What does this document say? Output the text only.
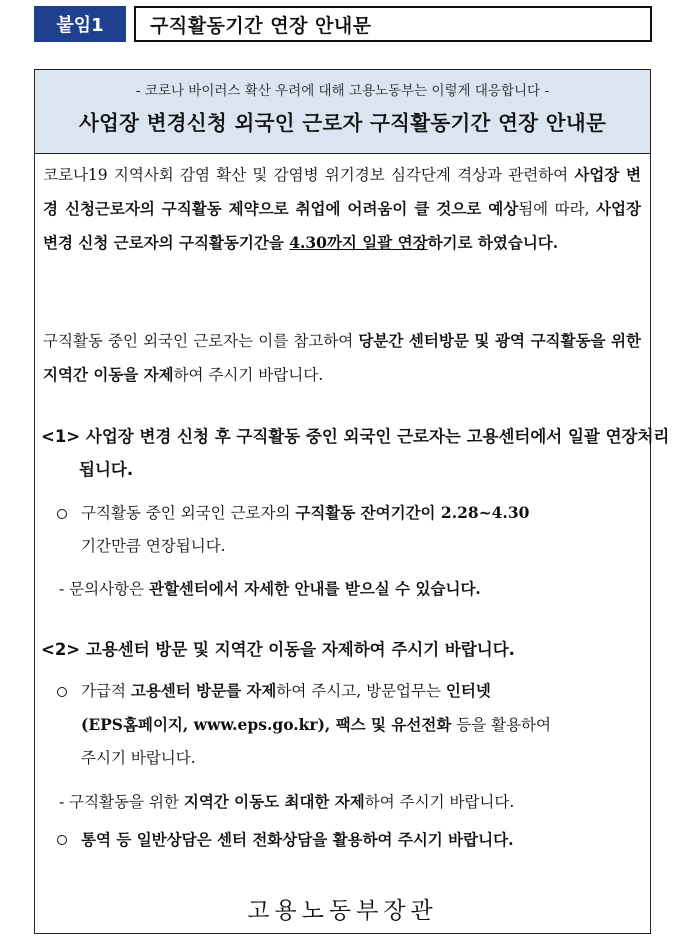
붙임1	구직활동기간 연장 안내문
- 코로나 바이러스 확산 우려에 대해 고용노동부는 이렇게 대응합니다 -
사업장 변경신청 외국인 근로자 구직활동기간 연장 안내문
코로나19 지역사회 감염 확산 및 감염병 위기경보 심각단계 격상과 관련하여 사업장 변경 신청근로자의 구직활동 제약으로 취업에 어려움이 클 것으로 예상됨에 따라, 사업장 변경 신청 근로자의 구직활동기간을 4.30까지 일괄 연장하기로 하였습니다.
구직활동 중인 외국인 근로자는 이를 참고하여 당분간 센터방문 및 광역 구직활동을 위한 지역간 이동을 자제하여 주시기 바랍니다.
<1> 사업장 변경 신청 후 구직활동 중인 외국인 근로자는 고용센터에서 일괄 연장처리됩니다.
구직활동 중인 외국인 근로자의 구직활동 잔여기간이 2.28~4.30
기간만큼 연장됩니다.
- 문의사항은 관할센터에서 자세한 안내를 받으실 수 있습니다.
<2> 고용센터 방문 및 지역간 이동을 자제하여 주시기 바랍니다.
가급적 고용센터 방문를 자제하여 주시고, 방문업무는 인터넷
(EPS홈페이지, www.eps.go.kr), 팩스 및 유선전화 등을 활용하여
주시기 바랍니다.
- 구직활동을 위한 지역간 이동도 최대한 자제하여 주시기 바랍니다.
통역 등 일반상담은 센터 전화상담을 활용하여 주시기 바랍니다.
고용노동부장관
